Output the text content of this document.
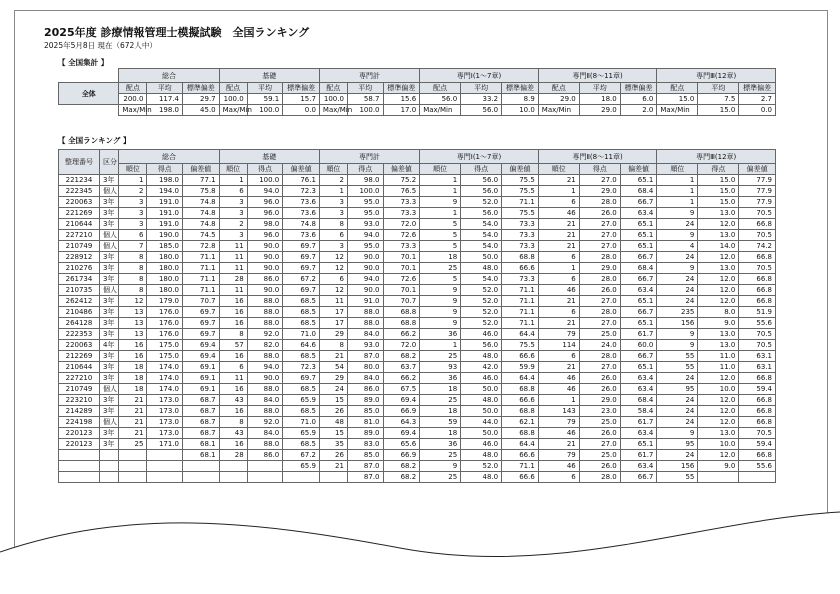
2025年度 診療情報管理士模擬試験　全国ランキング
2025年5月8日 現在（672人中）
【 全国集計 】
	総合			基礎			専門計			専門Ⅰ(1～7章)			専門Ⅱ(8～11章)			専門Ⅲ(12章)		
全体	配点	平均	標準偏差	配点	平均	標準偏差	配点	平均	標準偏差	配点	平均	標準偏差	配点	平均	標準偏差	配点	平均	標準偏差
	200.0	117.4	29.7	100.0	59.1	15.7	100.0	58.7	15.6	56.0	33.2	8.9	29.0	18.0	6.0	15.0	7.5	2.7
	Max/Min	198.0	45.0	Max/Min	100.0	0.0	Max/Min	100.0	17.0	Max/Min	56.0	10.0	Max/Min	29.0	2.0	Max/Min	15.0	0.0
【 全国ランキング 】
整理番号	区分	総合			基礎			専門計			専門Ⅰ(1～7章)			専門Ⅱ(8～11章)			専門Ⅲ(12章)		
		順位	得点	偏差値	順位	得点	偏差値	順位	得点	偏差値	順位	得点	偏差値	順位	得点	偏差値	順位	得点	偏差値
221234	3年	1	198.0	77.1	1	100.0	76.1	2	98.0	75.2	1	56.0	75.5	21	27.0	65.1	1	15.0	77.9
222345	個人	2	194.0	75.8	6	94.0	72.3	1	100.0	76.5	1	56.0	75.5	1	29.0	68.4	1	15.0	77.9
220063	3年	3	191.0	74.8	3	96.0	73.6	3	95.0	73.3	9	52.0	71.1	6	28.0	66.7	1	15.0	77.9
221269	3年	3	191.0	74.8	3	96.0	73.6	3	95.0	73.3	1	56.0	75.5	46	26.0	63.4	9	13.0	70.5
210644	3年	3	191.0	74.8	2	98.0	74.8	8	93.0	72.0	5	54.0	73.3	21	27.0	65.1	24	12.0	66.8
227210	個人	6	190.0	74.5	3	96.0	73.6	6	94.0	72.6	5	54.0	73.3	21	27.0	65.1	9	13.0	70.5
210749	個人	7	185.0	72.8	11	90.0	69.7	3	95.0	73.3	5	54.0	73.3	21	27.0	65.1	4	14.0	74.2
228912	3年	8	180.0	71.1	11	90.0	69.7	12	90.0	70.1	18	50.0	68.8	6	28.0	66.7	24	12.0	66.8
210276	3年	8	180.0	71.1	11	90.0	69.7	12	90.0	70.1	25	48.0	66.6	1	29.0	68.4	9	13.0	70.5
261734	3年	8	180.0	71.1	28	86.0	67.2	6	94.0	72.6	5	54.0	73.3	6	28.0	66.7	24	12.0	66.8
210735	個人	8	180.0	71.1	11	90.0	69.7	12	90.0	70.1	9	52.0	71.1	46	26.0	63.4	24	12.0	66.8
262412	3年	12	179.0	70.7	16	88.0	68.5	11	91.0	70.7	9	52.0	71.1	21	27.0	65.1	24	12.0	66.8
210486	3年	13	176.0	69.7	16	88.0	68.5	17	88.0	68.8	9	52.0	71.1	6	28.0	66.7	235	8.0	51.9
264128	3年	13	176.0	69.7	16	88.0	68.5	17	88.0	68.8	9	52.0	71.1	21	27.0	65.1	156	9.0	55.6
222353	3年	13	176.0	69.7	8	92.0	71.0	29	84.0	66.2	36	46.0	64.4	79	25.0	61.7	9	13.0	70.5
220063	4年	16	175.0	69.4	57	82.0	64.6	8	93.0	72.0	1	56.0	75.5	114	24.0	60.0	9	13.0	70.5
212269	3年	16	175.0	69.4	16	88.0	68.5	21	87.0	68.2	25	48.0	66.6	6	28.0	66.7	55	11.0	63.1
210644	3年	18	174.0	69.1	6	94.0	72.3	54	80.0	63.7	93	42.0	59.9	21	27.0	65.1	55	11.0	63.1
227210	3年	18	174.0	69.1	11	90.0	69.7	29	84.0	66.2	36	46.0	64.4	46	26.0	63.4	24	12.0	66.8
210749	個人	18	174.0	69.1	16	88.0	68.5	24	86.0	67.5	18	50.0	68.8	46	26.0	63.4	95	10.0	59.4
223210	3年	21	173.0	68.7	43	84.0	65.9	15	89.0	69.4	25	48.0	66.6	1	29.0	68.4	24	12.0	66.8
214289	3年	21	173.0	68.7	16	88.0	68.5	26	85.0	66.9	18	50.0	68.8	143	23.0	58.4	24	12.0	66.8
224198	個人	21	173.0	68.7	8	92.0	71.0	48	81.0	64.3	59	44.0	62.1	79	25.0	61.7	24	12.0	66.8
220123	3年	21	173.0	68.7	43	84.0	65.9	15	89.0	69.4	18	50.0	68.8	46	26.0	63.4	9	13.0	70.5
220123	3年	25	171.0	68.1	16	88.0	68.5	35	83.0	65.6	36	46.0	64.4	21	27.0	65.1	95	10.0	59.4
				68.1	28	86.0	67.2	26	85.0	66.9	25	48.0	66.6	79	25.0	61.7	24	12.0	66.8
							65.9	21	87.0	68.2	9	52.0	71.1	46	26.0	63.4	156	9.0	55.6
									87.0	68.2	25	48.0	66.6	6	28.0	66.7	55		
